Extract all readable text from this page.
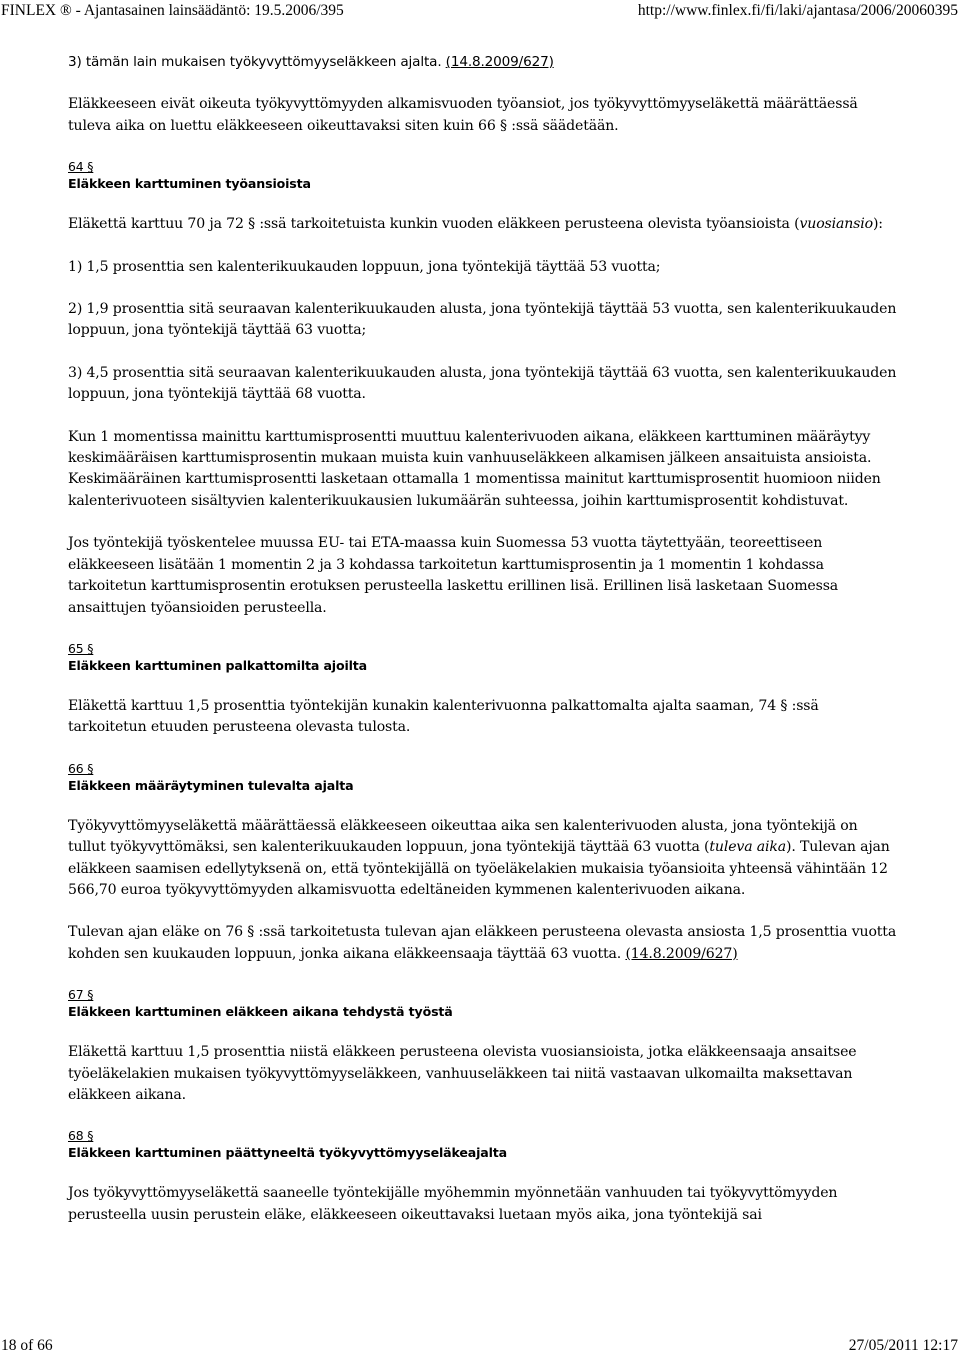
FINLEX ® - Ajantasainen lainsäädäntö: 19.5.2006/395	http://www.finlex.fi/fi/laki/ajantasa/2006/20060395

3) tämän lain mukaisen työkyvyttömyyseläkkeen ajalta. (14.8.2009/627)

Eläkkeeseen eivät oikeuta työkyvyttömyyden alkamisvuoden työansiot, jos työkyvyttömyyseläkettä määrättäessä tuleva aika on luettu eläkkeeseen oikeuttavaksi siten kuin 66 § :ssä säädetään.

64 §
Eläkkeen karttuminen työansioista

Eläkettä karttuu 70 ja 72 § :ssä tarkoitetuista kunkin vuoden eläkkeen perusteena olevista työansioista (vuosiansio):

1) 1,5 prosenttia sen kalenterikuukauden loppuun, jona työntekijä täyttää 53 vuotta;

2) 1,9 prosenttia sitä seuraavan kalenterikuukauden alusta, jona työntekijä täyttää 53 vuotta, sen kalenterikuukauden loppuun, jona työntekijä täyttää 63 vuotta;

3) 4,5 prosenttia sitä seuraavan kalenterikuukauden alusta, jona työntekijä täyttää 63 vuotta, sen kalenterikuukauden loppuun, jona työntekijä täyttää 68 vuotta.

Kun 1 momentissa mainittu karttumisprosentti muuttuu kalenterivuoden aikana, eläkkeen karttuminen määräytyy keskimääräisen karttumisprosentin mukaan muista kuin vanhuuseläkkeen alkamisen jälkeen ansaituista ansioista. Keskimääräinen karttumisprosentti lasketaan ottamalla 1 momentissa mainitut karttumisprosentit huomioon niiden kalenterivuoteen sisältyvien kalenterikuukausien lukumäärän suhteessa, joihin karttumisprosentit kohdistuvat.

Jos työntekijä työskentelee muussa EU- tai ETA-maassa kuin Suomessa 53 vuotta täytettyään, teoreettiseen eläkkeeseen lisätään 1 momentin 2 ja 3 kohdassa tarkoitetun karttumisprosentin ja 1 momentin 1 kohdassa tarkoitetun karttumisprosentin erotuksen perusteella laskettu erillinen lisä. Erillinen lisä lasketaan Suomessa ansaittujen työansioiden perusteella.

65 §
Eläkkeen karttuminen palkattomilta ajoilta

Eläkettä karttuu 1,5 prosenttia työntekijän kunakin kalenterivuonna palkattomalta ajalta saaman, 74 § :ssä tarkoitetun etuuden perusteena olevasta tulosta.

66 §
Eläkkeen määräytyminen tulevalta ajalta

Työkyvyttömyyseläkettä määrättäessä eläkkeeseen oikeuttaa aika sen kalenterivuoden alusta, jona työntekijä on tullut työkyvyttömäksi, sen kalenterikuukauden loppuun, jona työntekijä täyttää 63 vuotta (tuleva aika). Tulevan ajan eläkkeen saamisen edellytyksenä on, että työntekijällä on työeläkelakien mukaisia työansioita yhteensä vähintään 12 566,70 euroa työkyvyttömyyden alkamisvuotta edeltäneiden kymmenen kalenterivuoden aikana.

Tulevan ajan eläke on 76 § :ssä tarkoitetusta tulevan ajan eläkkeen perusteena olevasta ansiosta 1,5 prosenttia vuotta kohden sen kuukauden loppuun, jonka aikana eläkkeensaaja täyttää 63 vuotta. (14.8.2009/627)

67 §
Eläkkeen karttuminen eläkkeen aikana tehdystä työstä

Eläkettä karttuu 1,5 prosenttia niistä eläkkeen perusteena olevista vuosiansioista, jotka eläkkeensaaja ansaitsee työeläkelakien mukaisen työkyvyttömyyseläkkeen, vanhuuseläkkeen tai niitä vastaavan ulkomailta maksettavan eläkkeen aikana.

68 §
Eläkkeen karttuminen päättyneeltä työkyvyttömyyseläkeajalta

Jos työkyvyttömyyseläkettä saaneelle työntekijälle myöhemmin myönnetään vanhuuden tai työkyvyttömyyden perusteella uusin perustein eläke, eläkkeeseen oikeuttavaksi luetaan myös aika, jona työntekijä sai

18 of 66	27/05/2011 12:17
